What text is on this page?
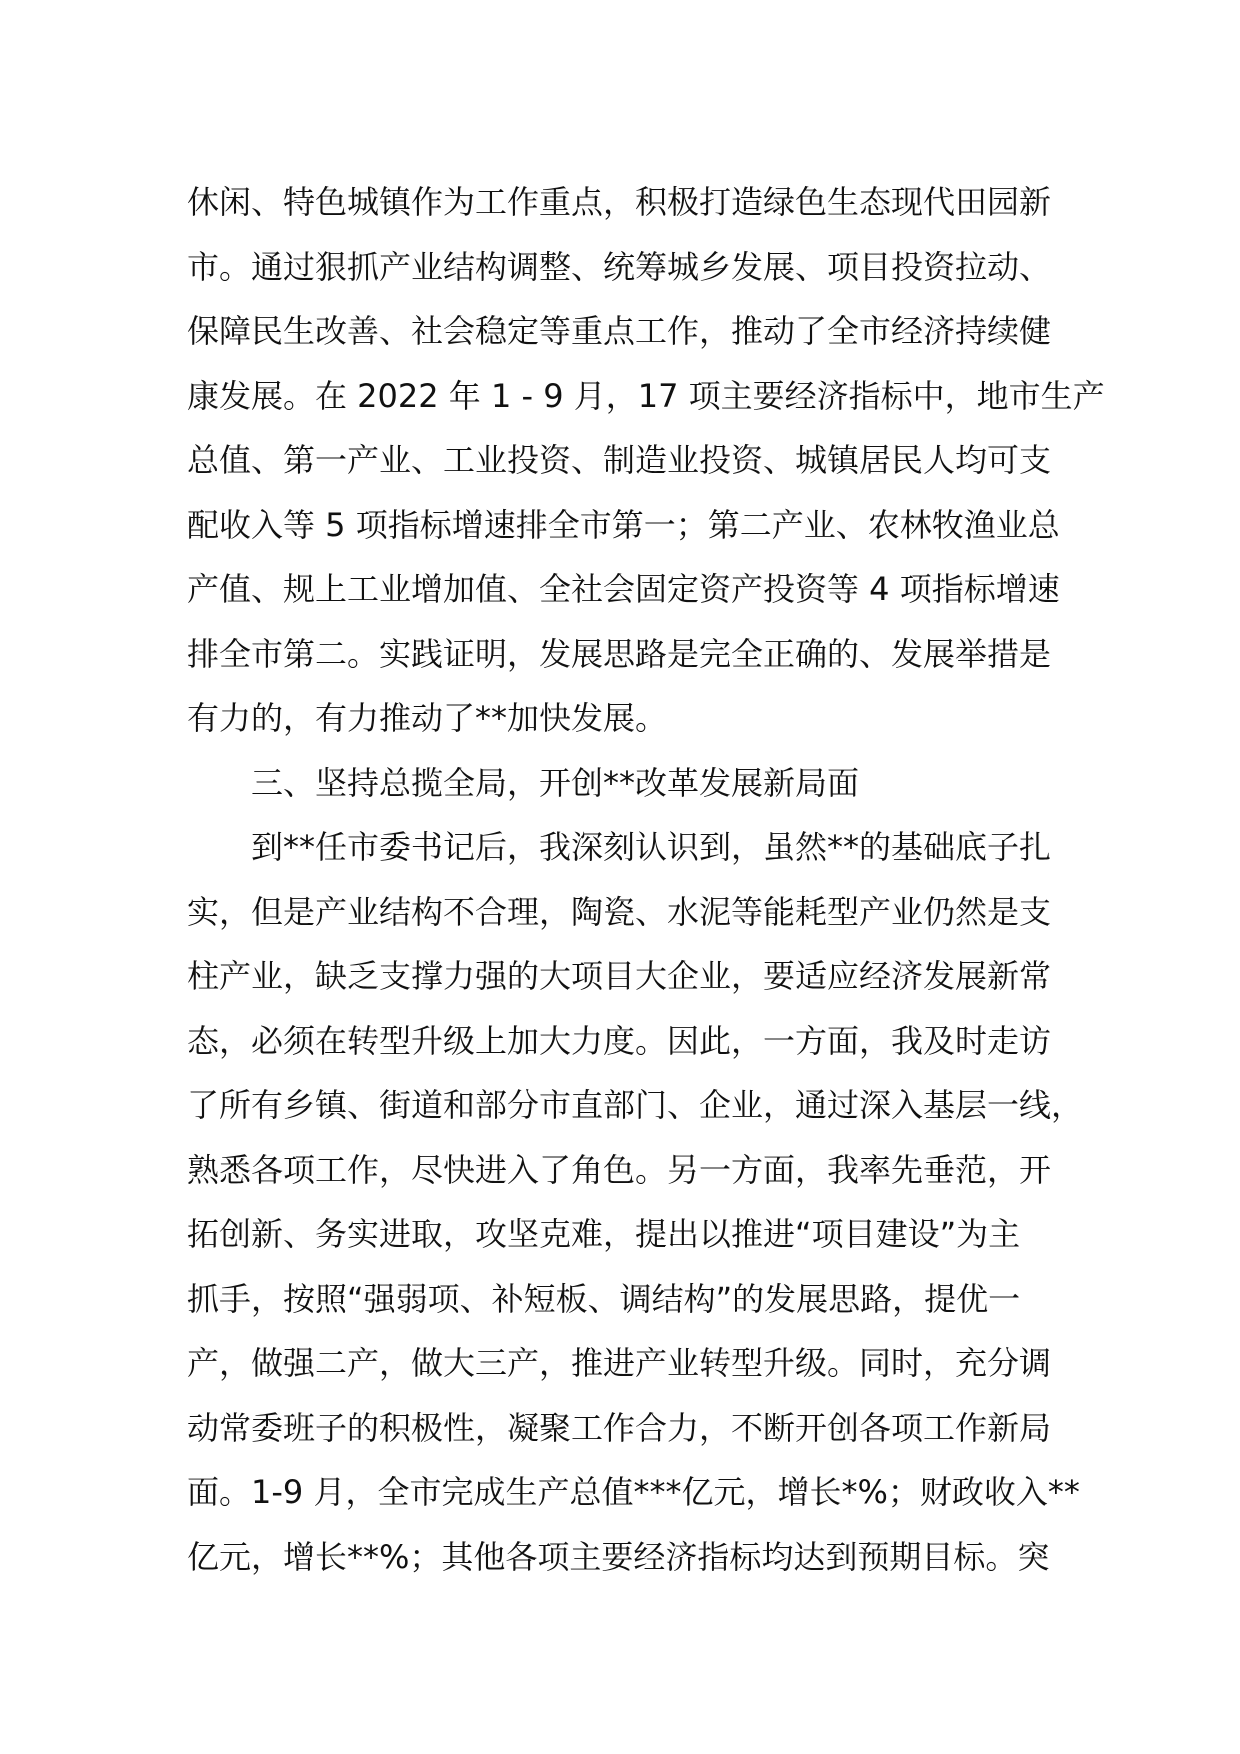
休闲、特色城镇作为工作重点，积极打造绿色生态现代田园新
市。通过狠抓产业结构调整、统筹城乡发展、项目投资拉动、
保障民生改善、社会稳定等重点工作，推动了全市经济持续健
康发展。在 2022 年 1 - 9 月，17 项主要经济指标中，地市生产
总值、第一产业、工业投资、制造业投资、城镇居民人均可支
配收入等 5 项指标增速排全市第一；第二产业、农林牧渔业总
产值、规上工业增加值、全社会固定资产投资等 4 项指标增速
排全市第二。实践证明，发展思路是完全正确的、发展举措是
有力的，有力推动了**加快发展。
三、坚持总揽全局，开创**改革发展新局面
到**任市委书记后，我深刻认识到，虽然**的基础底子扎
实，但是产业结构不合理，陶瓷、水泥等能耗型产业仍然是支
柱产业，缺乏支撑力强的大项目大企业，要适应经济发展新常
态，必须在转型升级上加大力度。因此，一方面，我及时走访
了所有乡镇、街道和部分市直部门、企业，通过深入基层一线，
熟悉各项工作，尽快进入了角色。另一方面，我率先垂范，开
拓创新、务实进取，攻坚克难，提出以推进“项目建设”为主
抓手，按照“强弱项、补短板、调结构”的发展思路，提优一
产，做强二产，做大三产，推进产业转型升级。同时，充分调
动常委班子的积极性，凝聚工作合力，不断开创各项工作新局
面。1-9 月，全市完成生产总值***亿元，增长*%；财政收入**
亿元，增长**%；其他各项主要经济指标均达到预期目标。突
